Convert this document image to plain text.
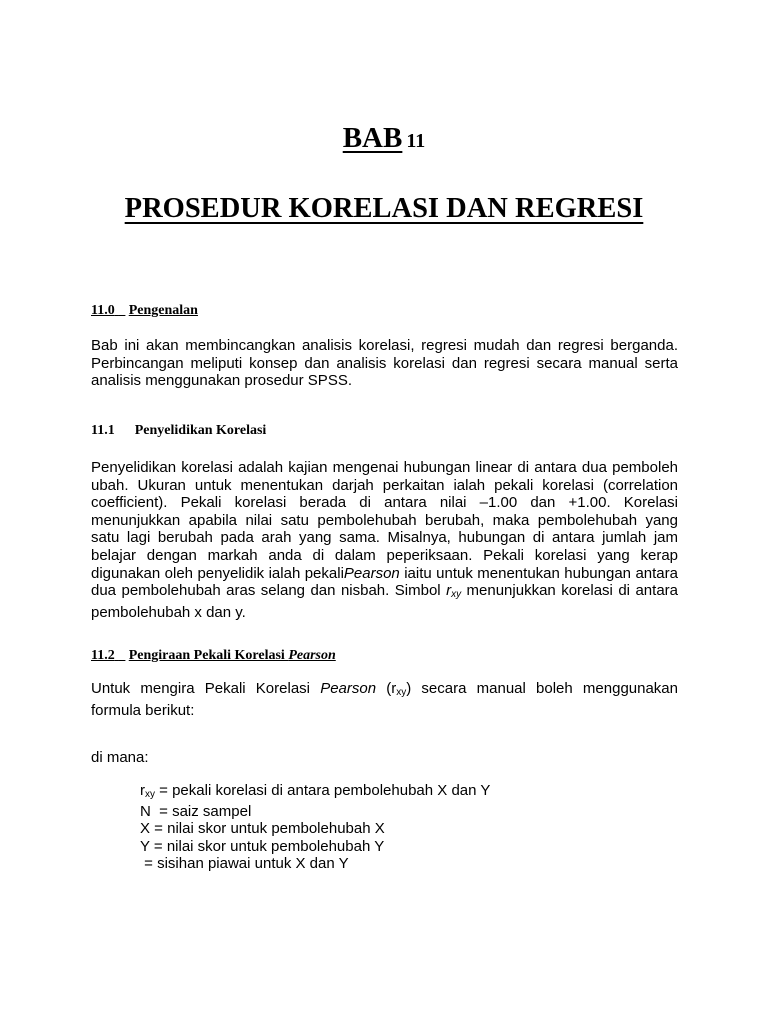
BAB 11
PROSEDUR KORELASI DAN REGRESI
11.0 _ Pengenalan
Bab ini akan membincangkan analisis korelasi, regresi mudah dan regresi berganda.
Perbincangan meliputi konsep dan analisis korelasi dan regresi secara manual serta
analisis menggunakan prosedur SPSS.
11.1 Penyelidikan Korelasi
Penyelidikan korelasi adalah kajian mengenai hubungan linear di antara dua pemboleh
ubah. Ukuran untuk menentukan darjah perkaitan ialah pekali korelasi (correlation
coefficient). Pekali korelasi berada di antara nilai –1.00 dan +1.00. Korelasi
menunjukkan apabila nilai satu pembolehubah berubah, maka pembolehubah yang
satu lagi berubah pada arah yang sama. Misalnya, hubungan di antara jumlah jam
belajar dengan markah anda di dalam peperiksaan. Pekali korelasi yang kerap
digunakan oleh penyelidik ialah pekaliPearson iaitu untuk menentukan hubungan antara
dua pembolehubah aras selang dan nisbah. Simbol $r_{xy}$ menunjukkan korelasi di antara
pembolehubah x dan y.
11.2 _ Pengiraan Pekali Korelasi Pearson
Untuk mengira Pekali Korelasi Pearson $(r_{xy})$ secara manual boleh menggunakan
formula berikut:
di mana:
$r_{xy}$ = pekali korelasi di antara pembolehubah X dan Y
N  = saiz sampel
X = nilai skor untuk pembolehubah X
Y = nilai skor untuk pembolehubah Y
= sisihan piawai untuk X dan Y
